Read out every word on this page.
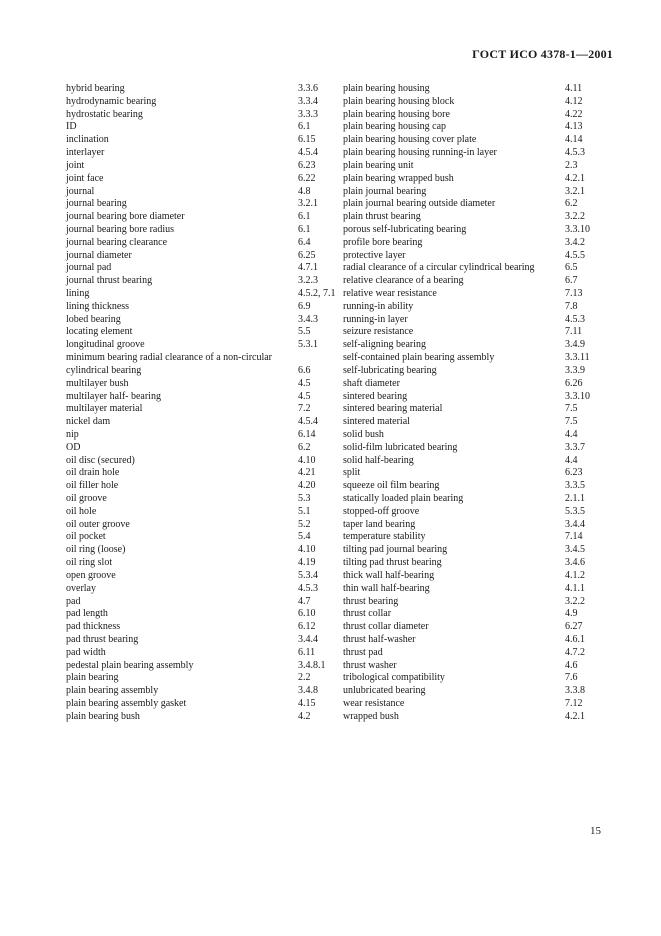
ГОСТ ИСО 4378-1—2001
hybrid bearing	3.3.6
hydrodynamic bearing	3.3.4
hydrostatic bearing	3.3.3
ID	6.1
inclination	6.15
interlayer	4.5.4
joint	6.23
joint face	6.22
journal	4.8
journal bearing	3.2.1
journal bearing bore diameter	6.1
journal bearing bore radius	6.1
journal bearing clearance	6.4
journal diameter	6.25
journal pad	4.7.1
journal thrust bearing	3.2.3
lining	4.5.2, 7.1
lining thickness	6.9
lobed bearing	3.4.3
locating element	5.5
longitudinal groove	5.3.1
minimum bearing radial clearance of a non-circular
cylindrical bearing	6.6
multilayer bush	4.5
multilayer half- bearing	4.5
multilayer material	7.2
nickel dam	4.5.4
nip	6.14
OD	6.2
oil disc (secured)	4.10
oil drain hole	4.21
oil filler hole	4.20
oil groove	5.3
oil hole	5.1
oil outer groove	5.2
oil pocket	5.4
oil ring (loose)	4.10
oil ring slot	4.19
open groove	5.3.4
overlay	4.5.3
pad	4.7
pad length	6.10
pad thickness	6.12
pad thrust bearing	3.4.4
pad width	6.11
pedestal plain bearing assembly	3.4.8.1
plain bearing	2.2
plain bearing assembly	3.4.8
plain bearing assembly gasket	4.15
plain bearing bush	4.2
plain bearing housing	4.11
plain bearing housing block	4.12
plain bearing housing bore	4.22
plain bearing housing cap	4.13
plain bearing housing cover plate	4.14
plain bearing housing running-in layer	4.5.3
plain bearing unit	2.3
plain bearing wrapped bush	4.2.1
plain journal bearing	3.2.1
plain journal bearing outside diameter	6.2
plain thrust bearing	3.2.2
porous self-lubricating bearing	3.3.10
profile bore bearing	3.4.2
protective layer	4.5.5
radial clearance of a circular cylindrical bearing	6.5
relative clearance of a bearing	6.7
relative wear resistance	7.13
running-in ability	7.8
running-in layer	4.5.3
seizure resistance	7.11
self-aligning bearing	3.4.9
self-contained plain bearing assembly	3.3.11
self-lubricating bearing	3.3.9
shaft diameter	6.26
sintered bearing	3.3.10
sintered bearing material	7.5
sintered material	7.5
solid bush	4.4
solid-film lubricated bearing	3.3.7
solid half-bearing	4.4
split	6.23
squeeze oil film bearing	3.3.5
statically loaded plain bearing	2.1.1
stopped-off groove	5.3.5
taper land bearing	3.4.4
temperature stability	7.14
tilting pad journal bearing	3.4.5
tilting pad thrust bearing	3.4.6
thick wall half-bearing	4.1.2
thin wall half-bearing	4.1.1
thrust bearing	3.2.2
thrust collar	4.9
thrust collar diameter	6.27
thrust half-washer	4.6.1
thrust pad	4.7.2
thrust washer	4.6
tribological compatibility	7.6
unlubricated bearing	3.3.8
wear resistance	7.12
wrapped bush	4.2.1
15
